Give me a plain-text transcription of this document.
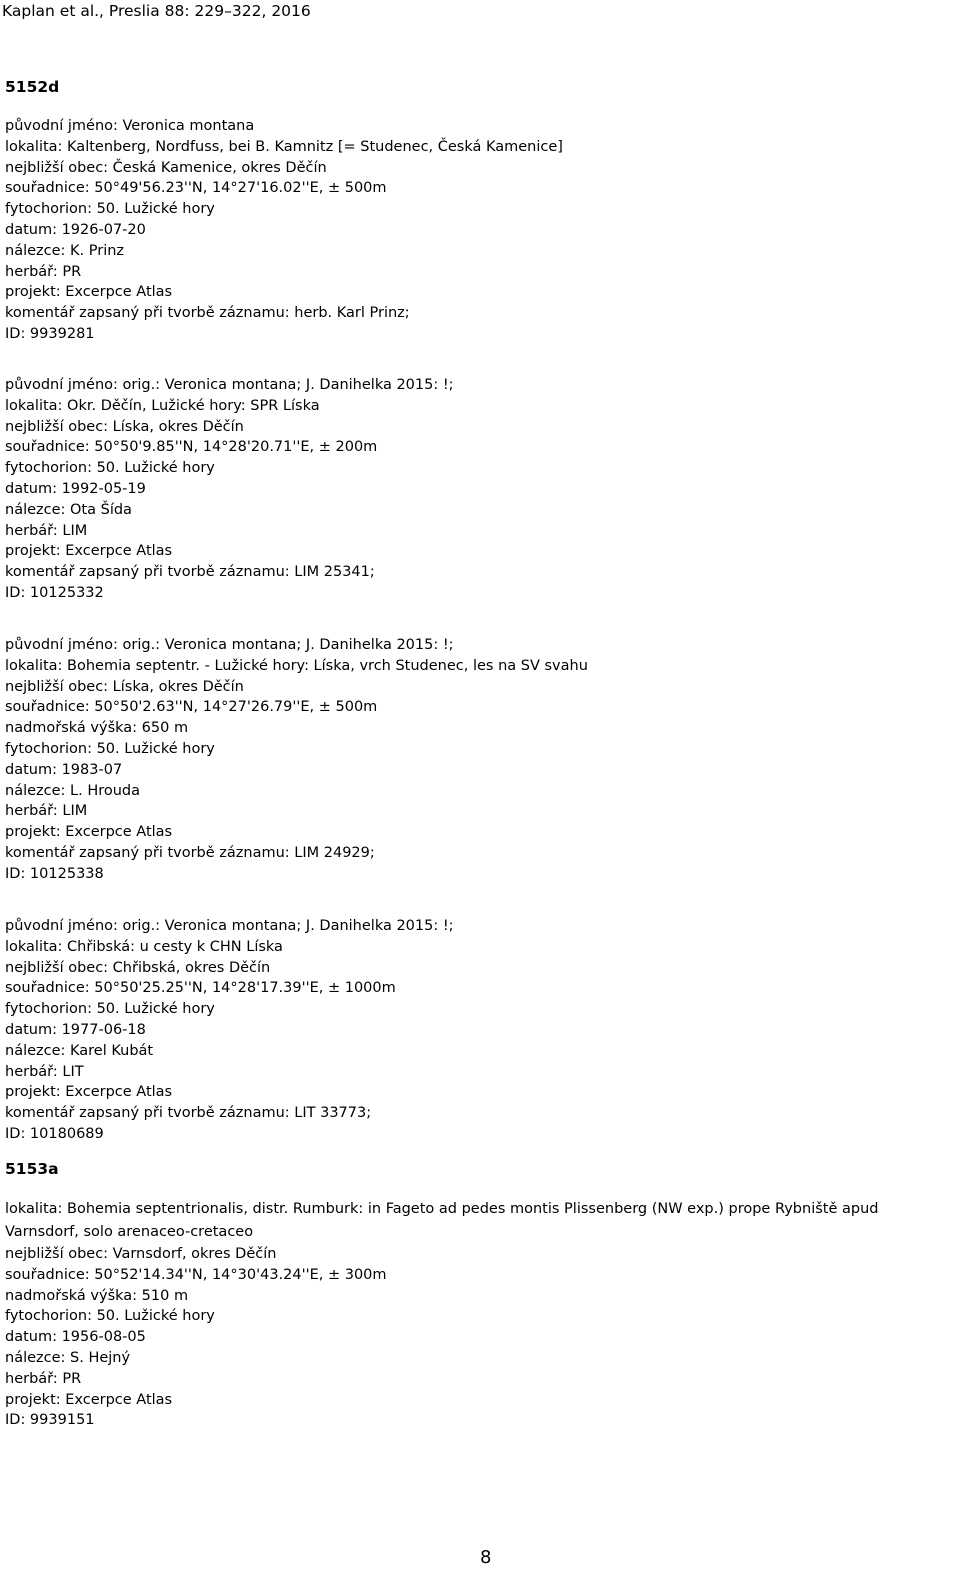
Kaplan et al., Preslia 88: 229–322, 2016
5152d
původní jméno: Veronica montana
lokalita: Kaltenberg, Nordfuss, bei B. Kamnitz [= Studenec, Česká Kamenice]
nejbližší obec: Česká Kamenice, okres Děčín
souřadnice: 50°49'56.23''N, 14°27'16.02''E, ± 500m
fytochorion: 50. Lužické hory
datum: 1926-07-20
nálezce: K. Prinz
herbář: PR
projekt: Excerpce Atlas
komentář zapsaný při tvorbě záznamu: herb. Karl Prinz;
ID: 9939281
původní jméno: orig.: Veronica montana; J. Danihelka 2015: !;
lokalita: Okr. Děčín, Lužické hory: SPR Líska
nejbližší obec: Líska, okres Děčín
souřadnice: 50°50'9.85''N, 14°28'20.71''E, ± 200m
fytochorion: 50. Lužické hory
datum: 1992-05-19
nálezce: Ota Šída
herbář: LIM
projekt: Excerpce Atlas
komentář zapsaný při tvorbě záznamu: LIM 25341;
ID: 10125332
původní jméno: orig.: Veronica montana; J. Danihelka 2015: !;
lokalita: Bohemia septentr. - Lužické hory: Líska, vrch Studenec, les na SV svahu
nejbližší obec: Líska, okres Děčín
souřadnice: 50°50'2.63''N, 14°27'26.79''E, ± 500m
nadmořská výška: 650 m
fytochorion: 50. Lužické hory
datum: 1983-07
nálezce: L. Hrouda
herbář: LIM
projekt: Excerpce Atlas
komentář zapsaný při tvorbě záznamu: LIM 24929;
ID: 10125338
původní jméno: orig.: Veronica montana; J. Danihelka 2015: !;
lokalita: Chřibská: u cesty k CHN Líska
nejbližší obec: Chřibská, okres Děčín
souřadnice: 50°50'25.25''N, 14°28'17.39''E, ± 1000m
fytochorion: 50. Lužické hory
datum: 1977-06-18
nálezce: Karel Kubát
herbář: LIT
projekt: Excerpce Atlas
komentář zapsaný při tvorbě záznamu: LIT 33773;
ID: 10180689
5153a
lokalita: Bohemia septentrionalis, distr. Rumburk: in Fageto ad pedes montis Plissenberg (NW exp.) prope Rybniště apud Varnsdorf, solo arenaceo-cretaceo
nejbližší obec: Varnsdorf, okres Děčín
souřadnice: 50°52'14.34''N, 14°30'43.24''E, ± 300m
nadmořská výška: 510 m
fytochorion: 50. Lužické hory
datum: 1956-08-05
nálezce: S. Hejný
herbář: PR
projekt: Excerpce Atlas
ID: 9939151
8
